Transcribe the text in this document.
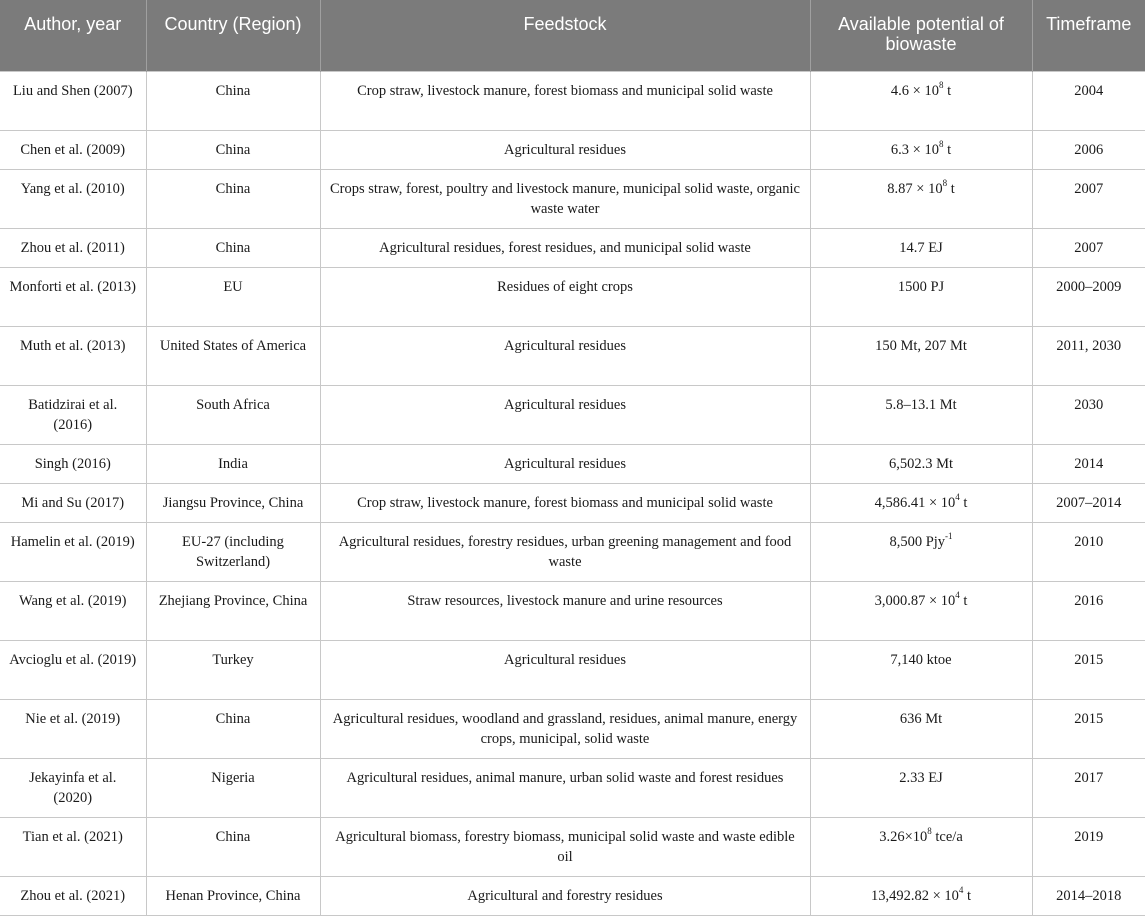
Author, year	Country (Region)	Feedstock	Available potential of biowaste	Timeframe
Liu and Shen (2007)	China	Crop straw, livestock manure, forest biomass and municipal solid waste	$4.6 \times 10^8$ t	2004
Chen et al. (2009)	China	Agricultural residues	$6.3 \times 10^8$ t	2006
Yang et al. (2010)	China	Crops straw, forest, poultry and livestock manure, municipal solid waste, organic waste water	$8.87 \times 10^8$ t	2007
Zhou et al. (2011)	China	Agricultural residues, forest residues, and municipal solid waste	14.7 EJ	2007
Monforti et al. (2013)	EU	Residues of eight crops	1500 PJ	2000–2009
Muth et al. (2013)	United States of America	Agricultural residues	150 Mt, 207 Mt	2011, 2030
Batidzirai et al. (2016)	South Africa	Agricultural residues	5.8–13.1 Mt	2030
Singh (2016)	India	Agricultural residues	6,502.3 Mt	2014
Mi and Su (2017)	Jiangsu Province, China	Crop straw, livestock manure, forest biomass and municipal solid waste	$4,586.41 \times 10^4$ t	2007–2014
Hamelin et al. (2019)	EU-27 (including Switzerland)	Agricultural residues, forestry residues, urban greening management and food waste	8,500 Pjy$^{-1}$	2010
Wang et al. (2019)	Zhejiang Province, China	Straw resources, livestock manure and urine resources	$3,000.87 \times 10^4$ t	2016
Avcioglu et al. (2019)	Turkey	Agricultural residues	7,140 ktoe	2015
Nie et al. (2019)	China	Agricultural residues, woodland and grassland, residues, animal manure, energy crops, municipal, solid waste	636 Mt	2015
Jekayinfa et al. (2020)	Nigeria	Agricultural residues, animal manure, urban solid waste and forest residues	2.33 EJ	2017
Tian et al. (2021)	China	Agricultural biomass, forestry biomass, municipal solid waste and waste edible oil	$3.26\times 10^8$ tce/a	2019
Zhou et al. (2021)	Henan Province, China	Agricultural and forestry residues	$13,492.82 \times 10^4$ t	2014–2018
